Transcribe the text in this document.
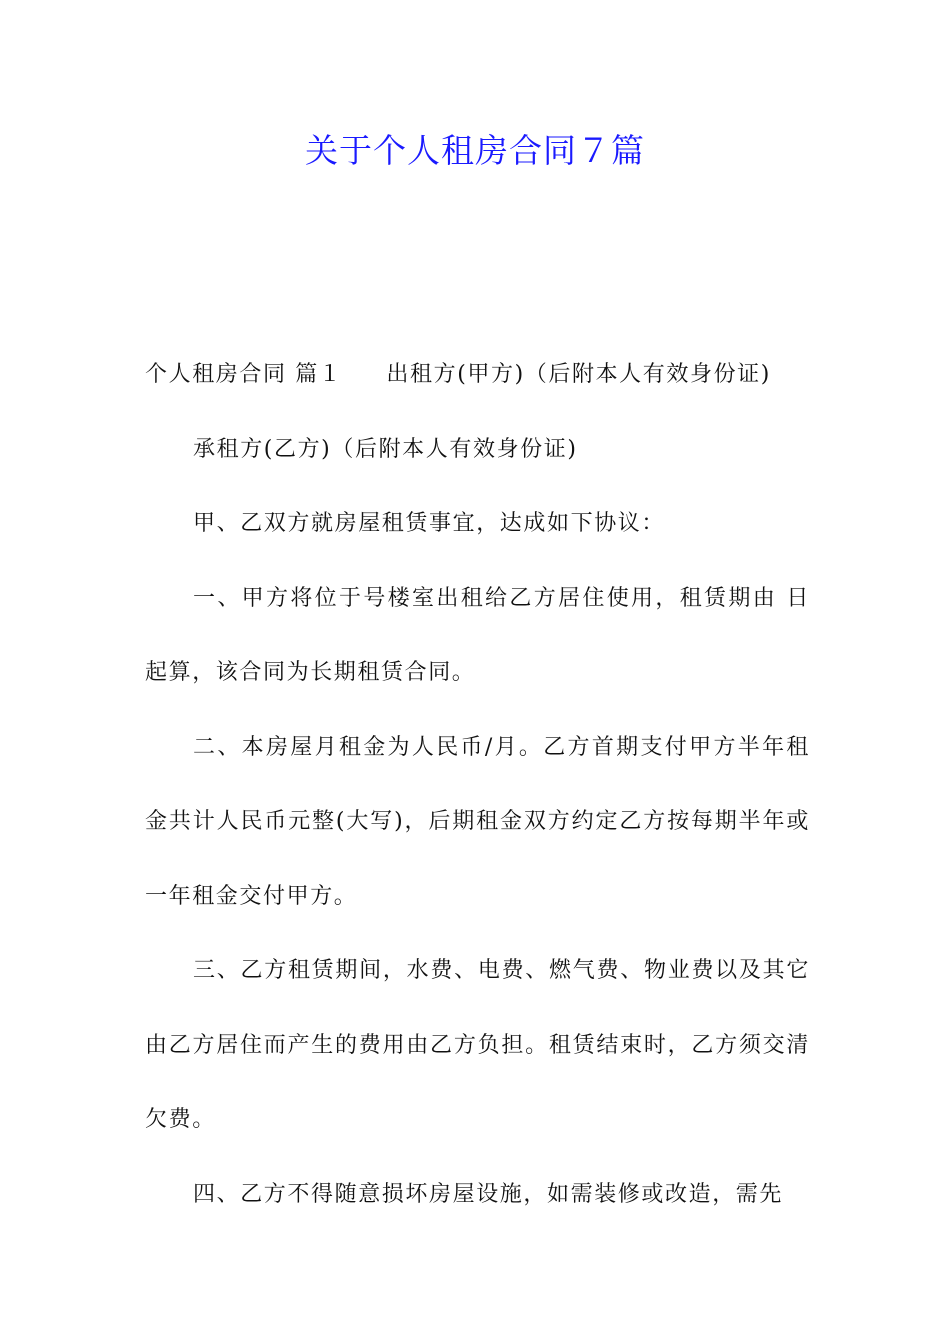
关于个人租房合同７篇

个人租房合同 篇１ 出租方(甲方)（后附本人有效身份证)

承租方(乙方)（后附本人有效身份证)

甲、乙双方就房屋租赁事宜，达成如下协议：

一、甲方将位于号楼室出租给乙方居住使用，租赁期由 日起算，该合同为长期租赁合同。

二、本房屋月租金为人民币/月。乙方首期支付甲方半年租金共计人民币元整(大写)，后期租金双方约定乙方按每期半年或一年租金交付甲方。

三、乙方租赁期间，水费、电费、燃气费、物业费以及其它由乙方居住而产生的费用由乙方负担。租赁结束时，乙方须交清欠费。

四、乙方不得随意损坏房屋设施，如需装修或改造，需先
